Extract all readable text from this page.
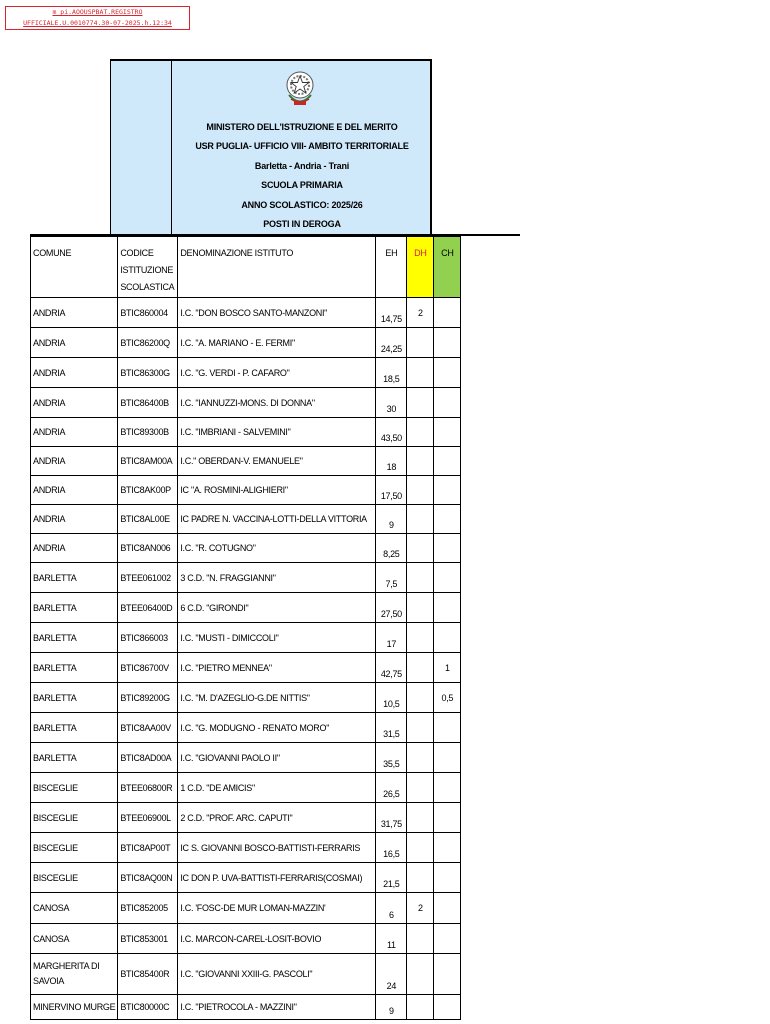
m_pi.AOOUSPBAT.REGISTRO
UFFICIALE.U.0010774.30-07-2025.h.12:34
MINISTERO DELL'ISTRUZIONE E DEL MERITO
USR PUGLIA- UFFICIO VIII- AMBITO TERRITORIALE
Barletta - Andria - Trani
SCUOLA PRIMARIA
ANNO SCOLASTICO: 2025/26
POSTI IN DEROGA
COMUNE	CODICE ISTITUZIONE SCOLASTICA	DENOMINAZIONE ISTITUTO	EH	DH	CH
ANDRIA	BTIC860004	I.C. "DON BOSCO SANTO-MANZONI"	14,75	2	
ANDRIA	BTIC86200Q	I.C. "A. MARIANO - E. FERMI"	24,25		
ANDRIA	BTIC86300G	I.C. "G. VERDI - P. CAFARO"	18,5		
ANDRIA	BTIC86400B	I.C. "IANNUZZI-MONS. DI DONNA"	30		
ANDRIA	BTIC89300B	I.C. "IMBRIANI - SALVEMINI"	43,50		
ANDRIA	BTIC8AM00A	I.C." OBERDAN-V. EMANUELE"	18		
ANDRIA	BTIC8AK00P	IC "A. ROSMINI-ALIGHIERI"	17,50		
ANDRIA	BTIC8AL00E	IC PADRE N. VACCINA-LOTTI-DELLA VITTORIA	9		
ANDRIA	BTIC8AN006	I.C. "R. COTUGNO"	8,25		
BARLETTA	BTEE061002	3 C.D. "N. FRAGGIANNI"	7,5		
BARLETTA	BTEE06400D	6 C.D. "GIRONDI"	27,50		
BARLETTA	BTIC866003	I.C. "MUSTI - DIMICCOLI"	17		
BARLETTA	BTIC86700V	I.C. "PIETRO MENNEA"	42,75		1
BARLETTA	BTIC89200G	I.C. "M. D'AZEGLIO-G.DE NITTIS"	10,5		0,5
BARLETTA	BTIC8AA00V	I.C. "G. MODUGNO - RENATO MORO"	31,5		
BARLETTA	BTIC8AD00A	I.C. "GIOVANNI PAOLO II"	35,5		
BISCEGLIE	BTEE06800R	1 C.D. "DE AMICIS"	26,5		
BISCEGLIE	BTEE06900L	2 C.D. "PROF. ARC. CAPUTI"	31,75		
BISCEGLIE	BTIC8AP00T	IC S. GIOVANNI BOSCO-BATTISTI-FERRARIS	16,5		
BISCEGLIE	BTIC8AQ00N	IC DON P. UVA-BATTISTI-FERRARIS(COSMAI)	21,5		
CANOSA	BTIC852005	I.C. 'FOSC-DE MUR LOMAN-MAZZIN'	6	2	
CANOSA	BTIC853001	I.C. MARCON-CAREL-LOSIT-BOVIO	11		
MARGHERITA DI SAVOIA	BTIC85400R	I.C. "GIOVANNI XXIII-G. PASCOLI"	24		
MINERVINO MURGE	BTIC80000C	I.C. "PIETROCOLA - MAZZINI"	9		
